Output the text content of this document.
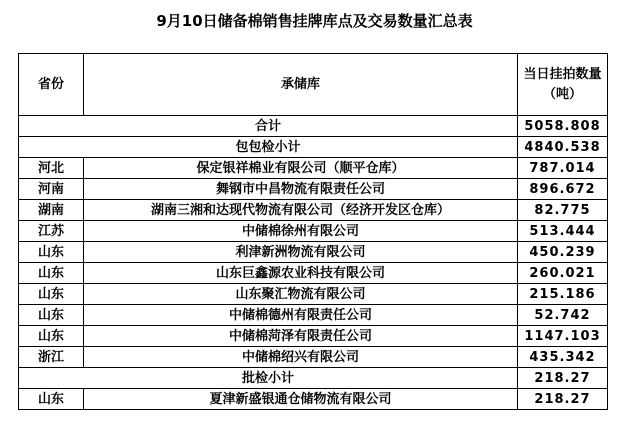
9月10日储备棉销售挂牌库点及交易数量汇总表
省份	承储库	当日挂拍数量
（吨）
合计		5058.808
包包检小计		4840.538
河北	保定银祥棉业有限公司（顺平仓库）	787.014
河南	舞钢市中昌物流有限责任公司	896.672
湖南	湖南三湘和达现代物流有限公司（经济开发区仓库）	82.775
江苏	中储棉徐州有限公司	513.444
山东	利津新洲物流有限公司	450.239
山东	山东巨鑫源农业科技有限公司	260.021
山东	山东聚汇物流有限公司	215.186
山东	中储棉德州有限责任公司	52.742
山东	中储棉菏泽有限责任公司	1147.103
浙江	中储棉绍兴有限公司	435.342
批检小计		218.27
山东	夏津新盛银通仓储物流有限公司	218.27
